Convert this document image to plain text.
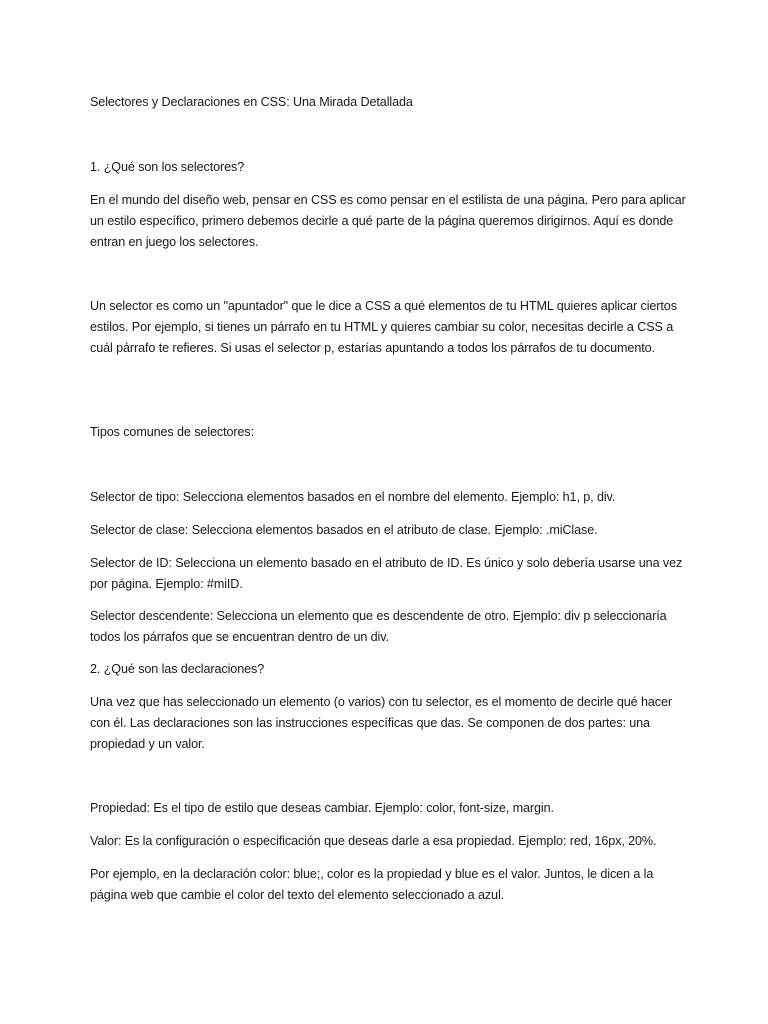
Selectores y Declaraciones en CSS: Una Mirada Detallada
1. ¿Qué son los selectores?
En el mundo del diseño web, pensar en CSS es como pensar en el estilista de una página. Pero para aplicar un estilo específico, primero debemos decirle a qué parte de la página queremos dirigirnos. Aquí es donde entran en juego los selectores.
Un selector es como un "apuntador" que le dice a CSS a qué elementos de tu HTML quieres aplicar ciertos estilos. Por ejemplo, si tienes un párrafo en tu HTML y quieres cambiar su color, necesitas decirle a CSS a cuál párrafo te refieres. Si usas el selector p, estarías apuntando a todos los párrafos de tu documento.
Tipos comunes de selectores:
Selector de tipo: Selecciona elementos basados en el nombre del elemento. Ejemplo: h1, p, div.
Selector de clase: Selecciona elementos basados en el atributo de clase. Ejemplo: .miClase.
Selector de ID: Selecciona un elemento basado en el atributo de ID. Es único y solo debería usarse una vez por página. Ejemplo: #miID.
Selector descendente: Selecciona un elemento que es descendente de otro. Ejemplo: div p seleccionaría todos los párrafos que se encuentran dentro de un div.
2. ¿Qué son las declaraciones?
Una vez que has seleccionado un elemento (o varios) con tu selector, es el momento de decirle qué hacer con él. Las declaraciones son las instrucciones específicas que das. Se componen de dos partes: una propiedad y un valor.
Propiedad: Es el tipo de estilo que deseas cambiar. Ejemplo: color, font-size, margin.
Valor: Es la configuración o especificación que deseas darle a esa propiedad. Ejemplo: red, 16px, 20%.
Por ejemplo, en la declaración color: blue;, color es la propiedad y blue es el valor. Juntos, le dicen a la página web que cambie el color del texto del elemento seleccionado a azul.
